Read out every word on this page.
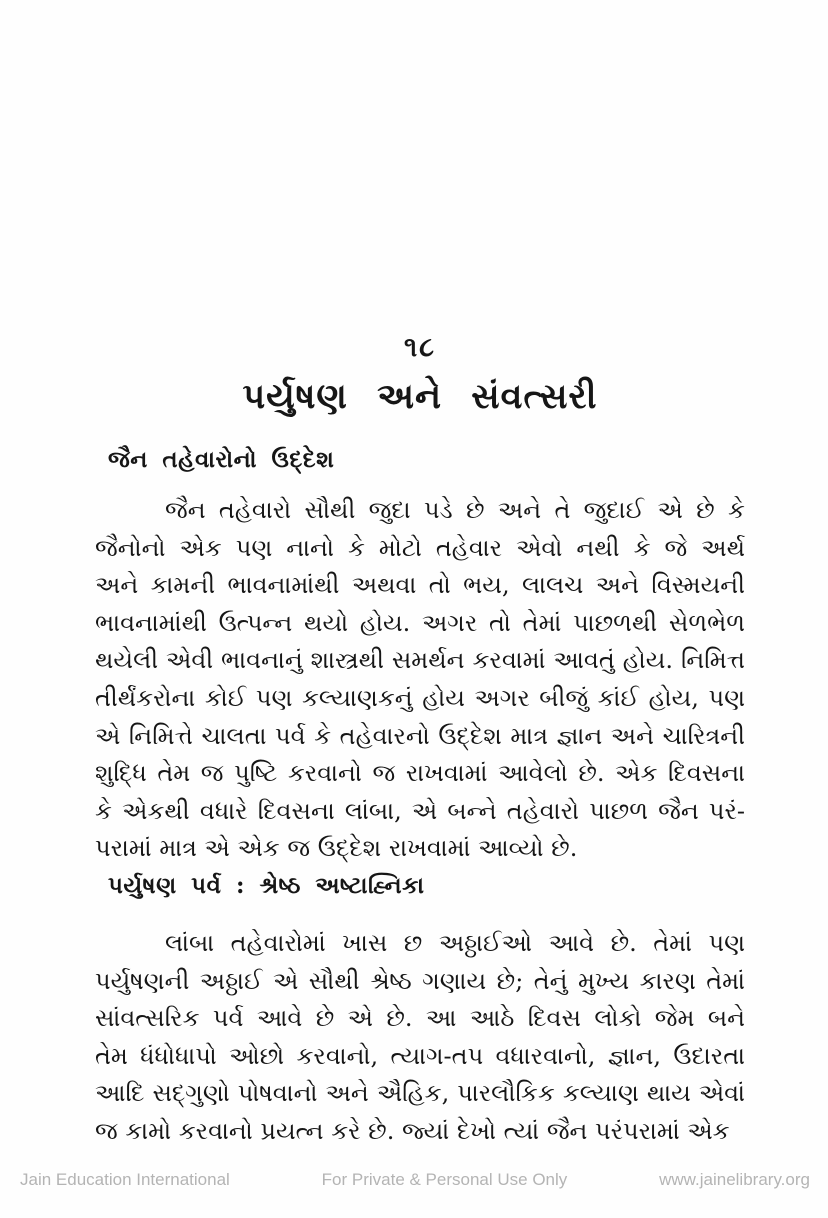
૧૮
પર્યુષણ અને સંવત્સરી
જૈન તહેવારોનો ઉદ્દેશ
જૈન તહેવારો સૌથી જુદા પડે છે અને તે જુદાઈ એ છે કે
જૈનોનો એક પણ નાનો કે મોટો તહેવાર એવો નથી કે જે અર્થ
અને કામની ભાવનામાંથી અથવા તો ભય, લાલચ અને વિસ્મયની
ભાવનામાંથી ઉત્પન્ન થયો હોય. અગર તો તેમાં પાછળથી સેળભેળ
થયેલી એવી ભાવનાનું શાસ્ત્રથી સમર્થન કરવામાં આવતું હોય. નિમિત્ત
તીર્થંકરોના કોઈ પણ કલ્યાણકનું હોય અગર બીજું કાંઈ હોય, પણ
એ નિમિત્તે ચાલતા પર્વ કે તહેવારનો ઉદ્દેશ માત્ર જ્ઞાન અને ચારિત્રની
શુદ્ધિ તેમ જ પુષ્ટિ કરવાનો જ રાખવામાં આવેલો છે. એક દિવસના
કે એકથી વધારે દિવસના લાંબા, એ બન્ને તહેવારો પાછળ જૈન પરં-
પરામાં માત્ર એ એક જ ઉદ્દેશ રાખવામાં આવ્યો છે.
પર્યુષણ પર્વ : શ્રેષ્ઠ અષ્ટાહ્નિકા
લાંબા તહેવારોમાં ખાસ છ અઠ્ઠાઈઓ આવે છે. તેમાં પણ
પર્યુષણની અઠ્ઠાઈ એ સૌથી શ્રેષ્ઠ ગણાય છે; તેનું મુખ્ય કારણ તેમાં
સાંવત્સરિક પર્વ આવે છે એ છે. આ આઠે દિવસ લોકો જેમ બને
તેમ ધંધોધાપો ઓછો કરવાનો, ત્યાગ-તપ વધારવાનો, જ્ઞાન, ઉદારતા
આદિ સદ્ગુણો પોષવાનો અને ઐહિક, પારલૌકિક કલ્યાણ થાય એવાં
જ કામો કરવાનો પ્રયત્ન કરે છે. જ્યાં દેખો ત્યાં જૈન પરંપરામાં એક
Jain Education International	For Private & Personal Use Only	www.jainelibrary.org
